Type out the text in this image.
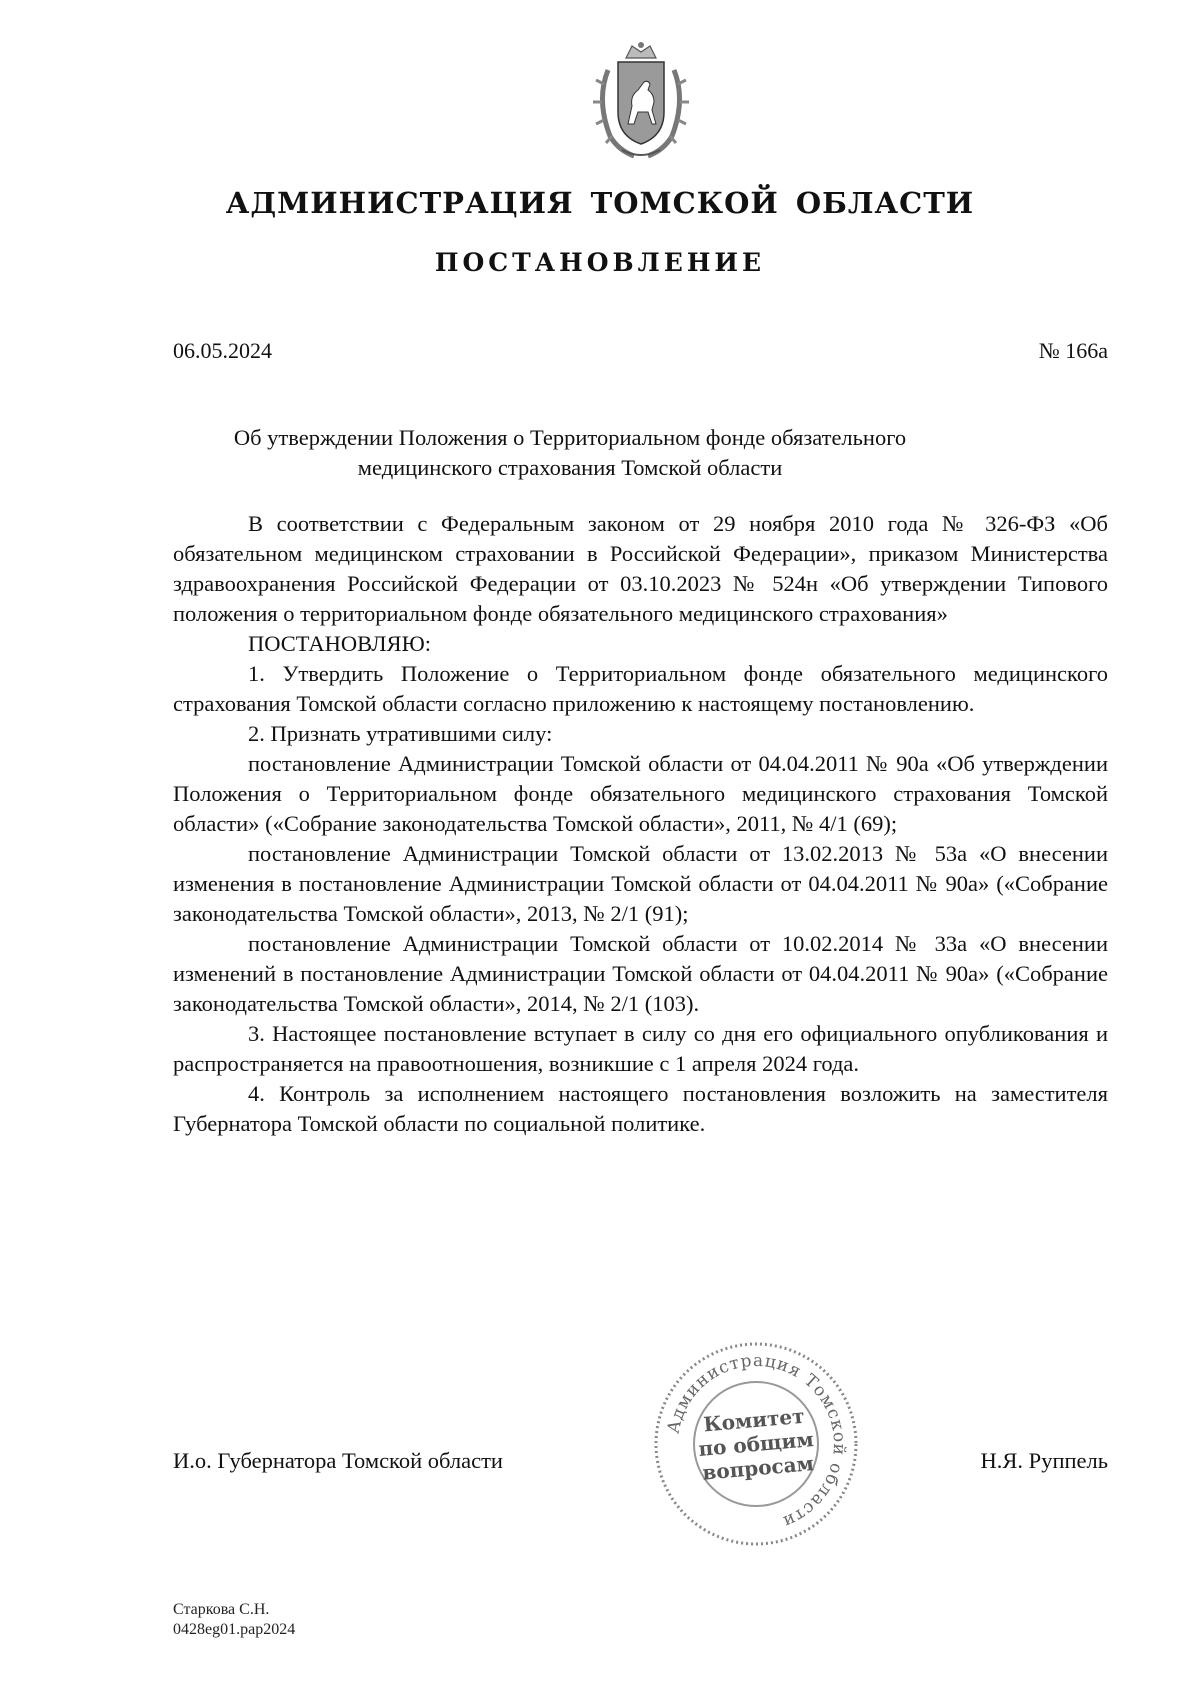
АДМИНИСТРАЦИЯ ТОМСКОЙ ОБЛАСТИ
ПОСТАНОВЛЕНИЕ
06.05.2024	№ 166а
Об утверждении Положения о Территориальном фонде обязательного
медицинского страхования Томской области

В соответствии с Федеральным законом от 29 ноября 2010 года № 326-ФЗ «Об обязательном медицинском страховании в Российской Федерации», приказом Министерства здравоохранения Российской Федерации от 03.10.2023 № 524н «Об утверждении Типового положения о территориальном фонде обязательного медицинского страхования»

ПОСТАНОВЛЯЮ:

1. Утвердить Положение о Территориальном фонде обязательного медицинского страхования Томской области согласно приложению к настоящему постановлению.

2. Признать утратившими силу:

постановление Администрации Томской области от 04.04.2011 № 90а «Об утверждении Положения о Территориальном фонде обязательного медицинского страхования Томской области» («Собрание законодательства Томской области», 2011, № 4/1 (69);

постановление Администрации Томской области от 13.02.2013 № 53а «О внесении изменения в постановление Администрации Томской области от 04.04.2011 № 90а» («Собрание законодательства Томской области», 2013, № 2/1 (91);

постановление Администрации Томской области от 10.02.2014 № 33а «О внесении изменений в постановление Администрации Томской области от 04.04.2011 № 90а» («Собрание законодательства Томской области», 2014, № 2/1 (103).

3. Настоящее постановление вступает в силу со дня его официального опубликования и распространяется на правоотношения, возникшие с 1 апреля 2024 года.

4. Контроль за исполнением настоящего постановления возложить на заместителя Губернатора Томской области по социальной политике.

И.о. Губернатора Томской области	Н.Я. Руппель
Администрация Томской области
Комитет
по общим
вопросам
Старкова С.Н.
0428eg01.pap2024
